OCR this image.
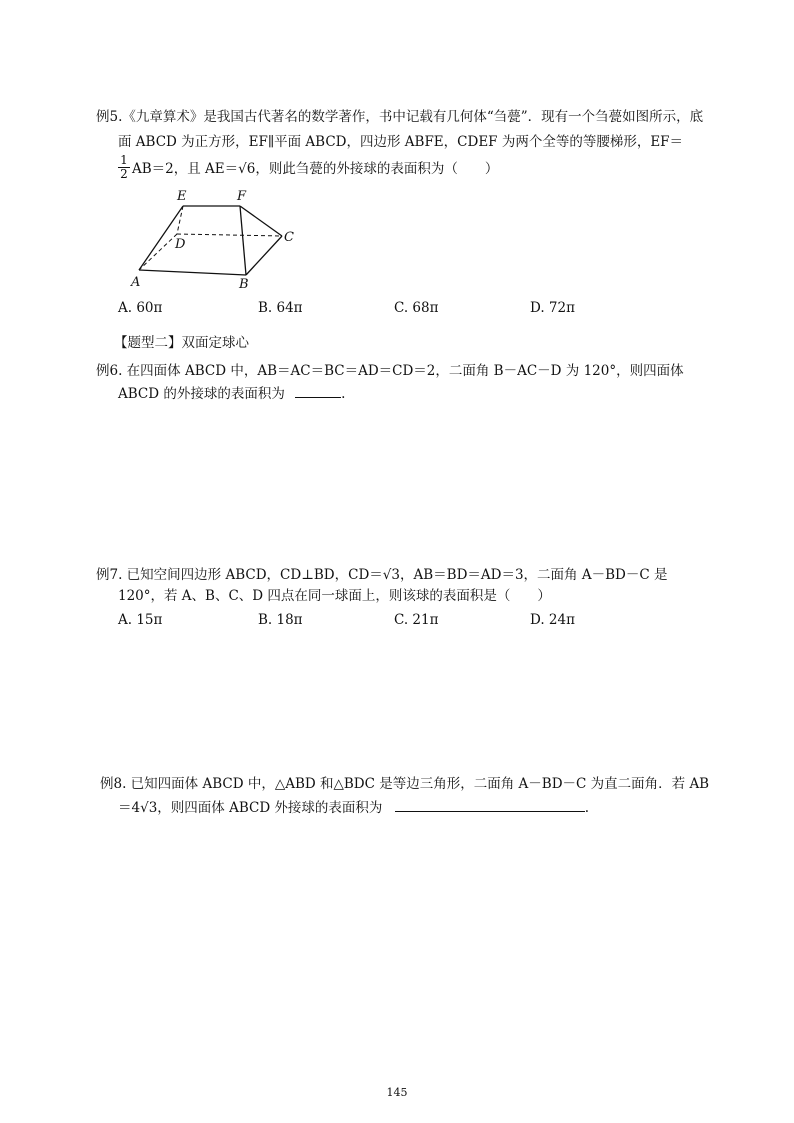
例5.《九章算术》是我国古代著名的数学著作，书中记载有几何体“刍甍”．现有一个刍甍如图所示，底
面 ABCD 为正方形，EF∥平面 ABCD，四边形 ABFE，CDEF 为两个全等的等腰梯形，EF＝
$\frac{1}{2} AB=2$，且 AE＝√6，则此刍甍的外接球的表面积为（　　）
E	F
D	C
A	B
A. 60π	B. 64π	C. 68π	D. 72π
【题型二】双面定球心
例6. 在四面体 ABCD 中，AB＝AC＝BC＝AD＝CD＝2，二面角 B－AC－D 为 120°，则四面体
ABCD 的外接球的表面积为	.
例7. 已知空间四边形 ABCD，CD⊥BD，CD＝√3，AB＝BD＝AD＝3，二面角 A－BD－C 是
120°，若 A、B、C、D 四点在同一球面上，则该球的表面积是（　　）
A. 15π	B. 18π	C. 21π	D. 24π
例8. 已知四面体 ABCD 中，△ABD 和△BDC 是等边三角形，二面角 A－BD－C 为直二面角．若 AB
＝4√3，则四面体 ABCD 外接球的表面积为	.
145
